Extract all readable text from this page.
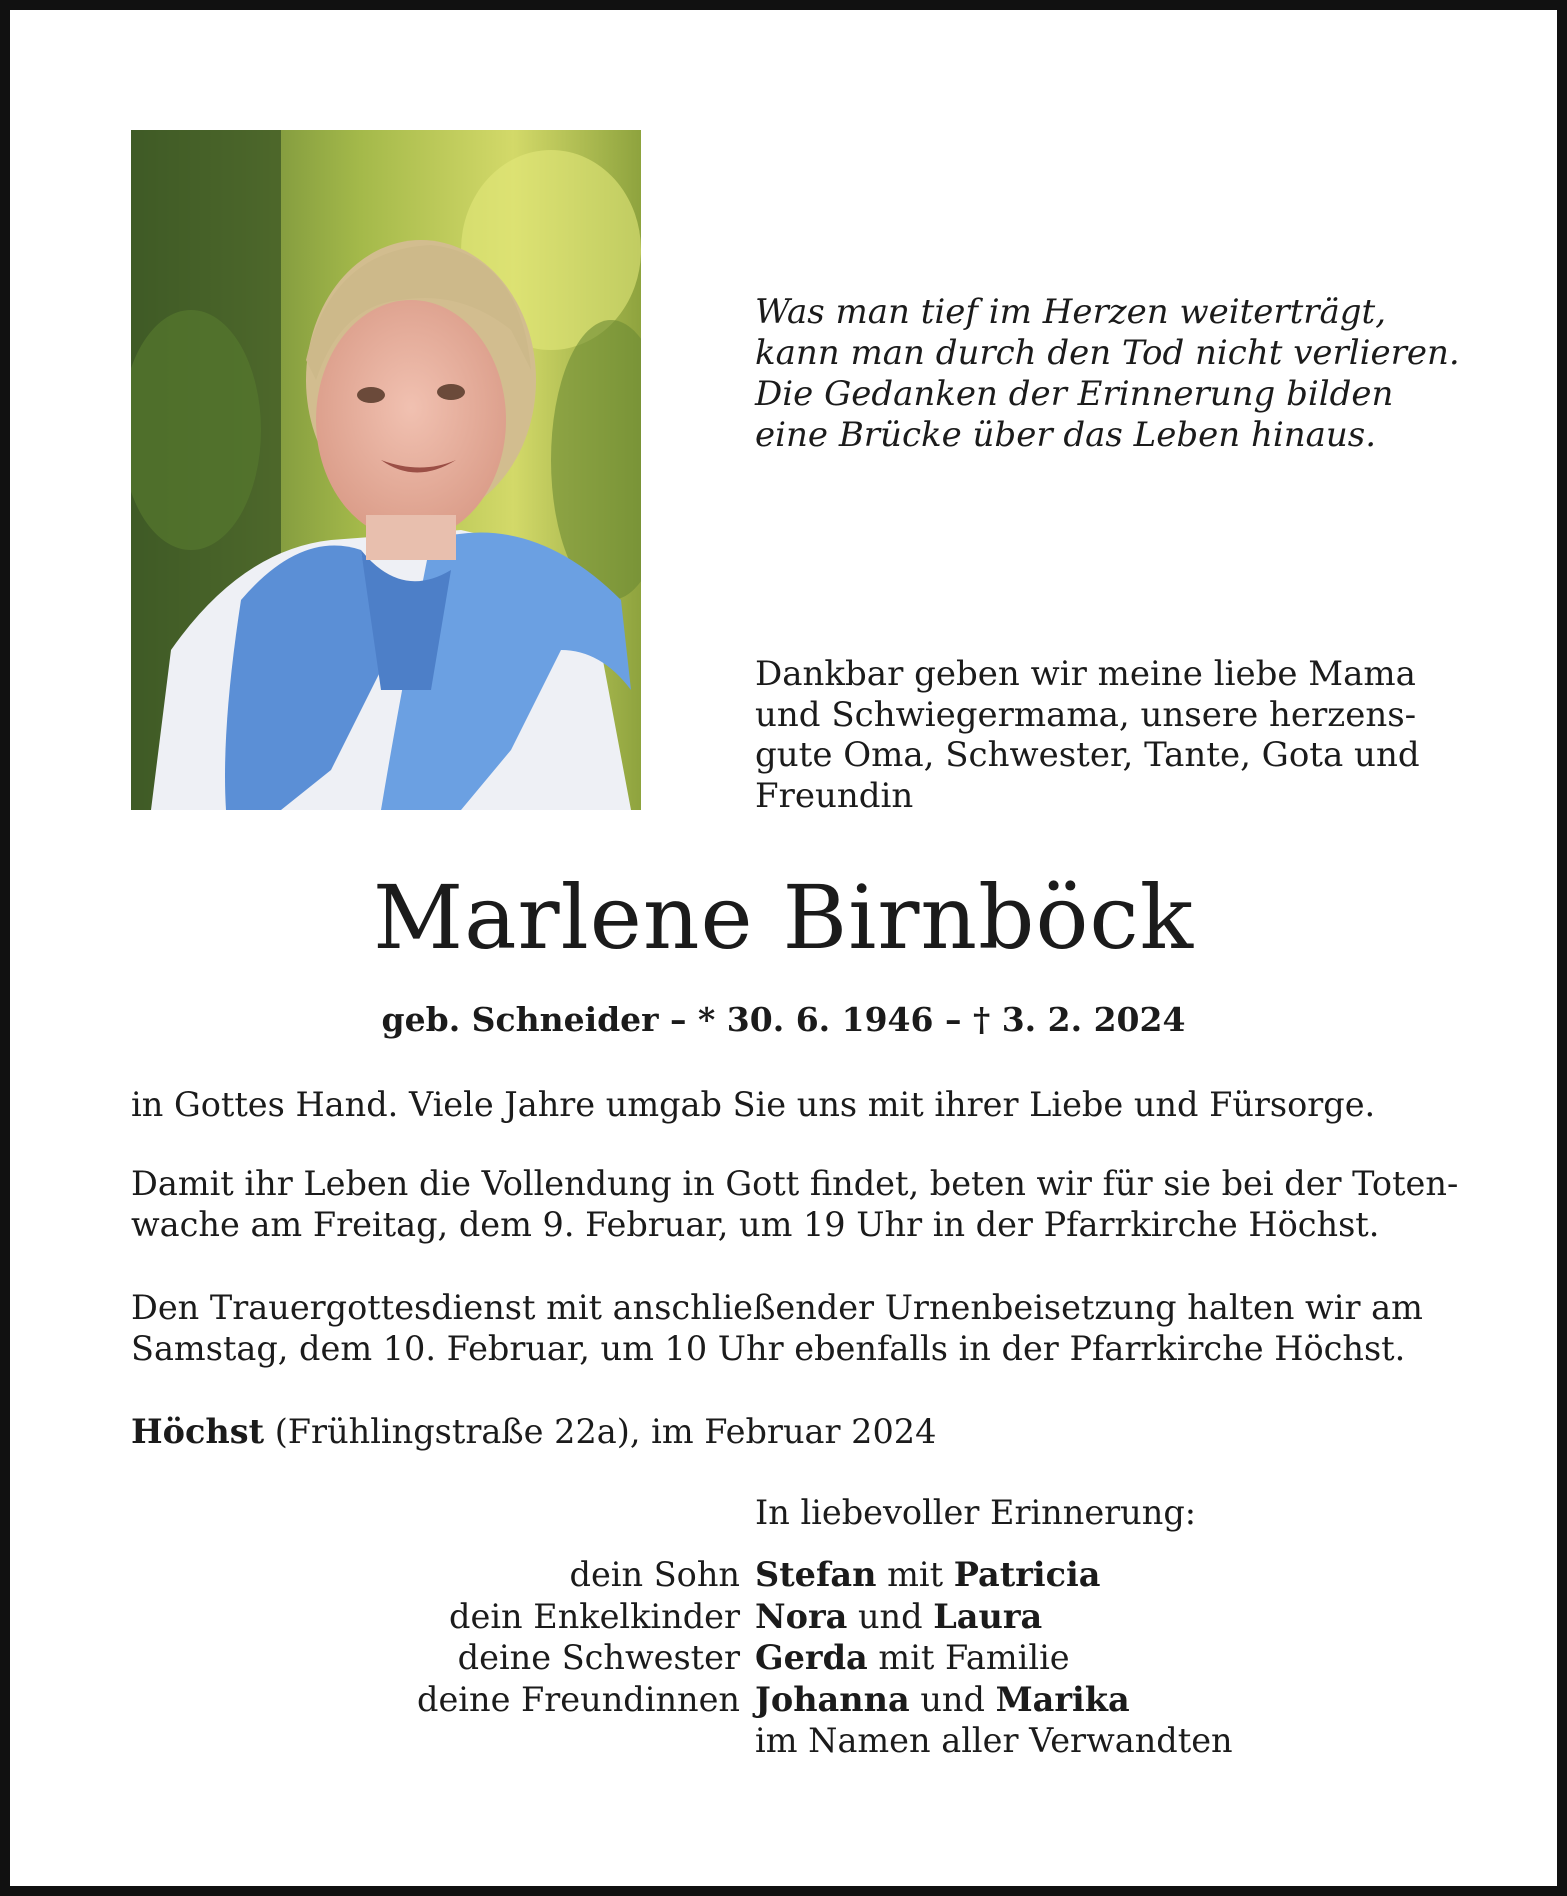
Was man tief im Herzen weiterträgt,
kann man durch den Tod nicht verlieren.
Die Gedanken der Erinnerung bilden
eine Brücke über das Leben hinaus.
Dankbar geben wir meine liebe Mama
und Schwiegermama, unsere herzens-
gute Oma, Schwester, Tante, Gota und
Freundin
Marlene Birnböck
geb. Schneider – * 30. 6. 1946 – † 3. 2. 2024
in Gottes Hand. Viele Jahre umgab Sie uns mit ihrer Liebe und Fürsorge.
Damit ihr Leben die Vollendung in Gott findet, beten wir für sie bei der Toten-
wache am Freitag, dem 9. Februar, um 19 Uhr in der Pfarrkirche Höchst.
Den Trauergottesdienst mit anschließender Urnenbeisetzung halten wir am
Samstag, dem 10. Februar, um 10 Uhr ebenfalls in der Pfarrkirche Höchst.
Höchst (Frühlingstraße 22a), im Februar 2024
In liebevoller Erinnerung:
dein Sohn Stefan mit Patricia
dein Enkelkinder Nora und Laura
deine Schwester Gerda mit Familie
deine Freundinnen Johanna und Marika
im Namen aller Verwandten
